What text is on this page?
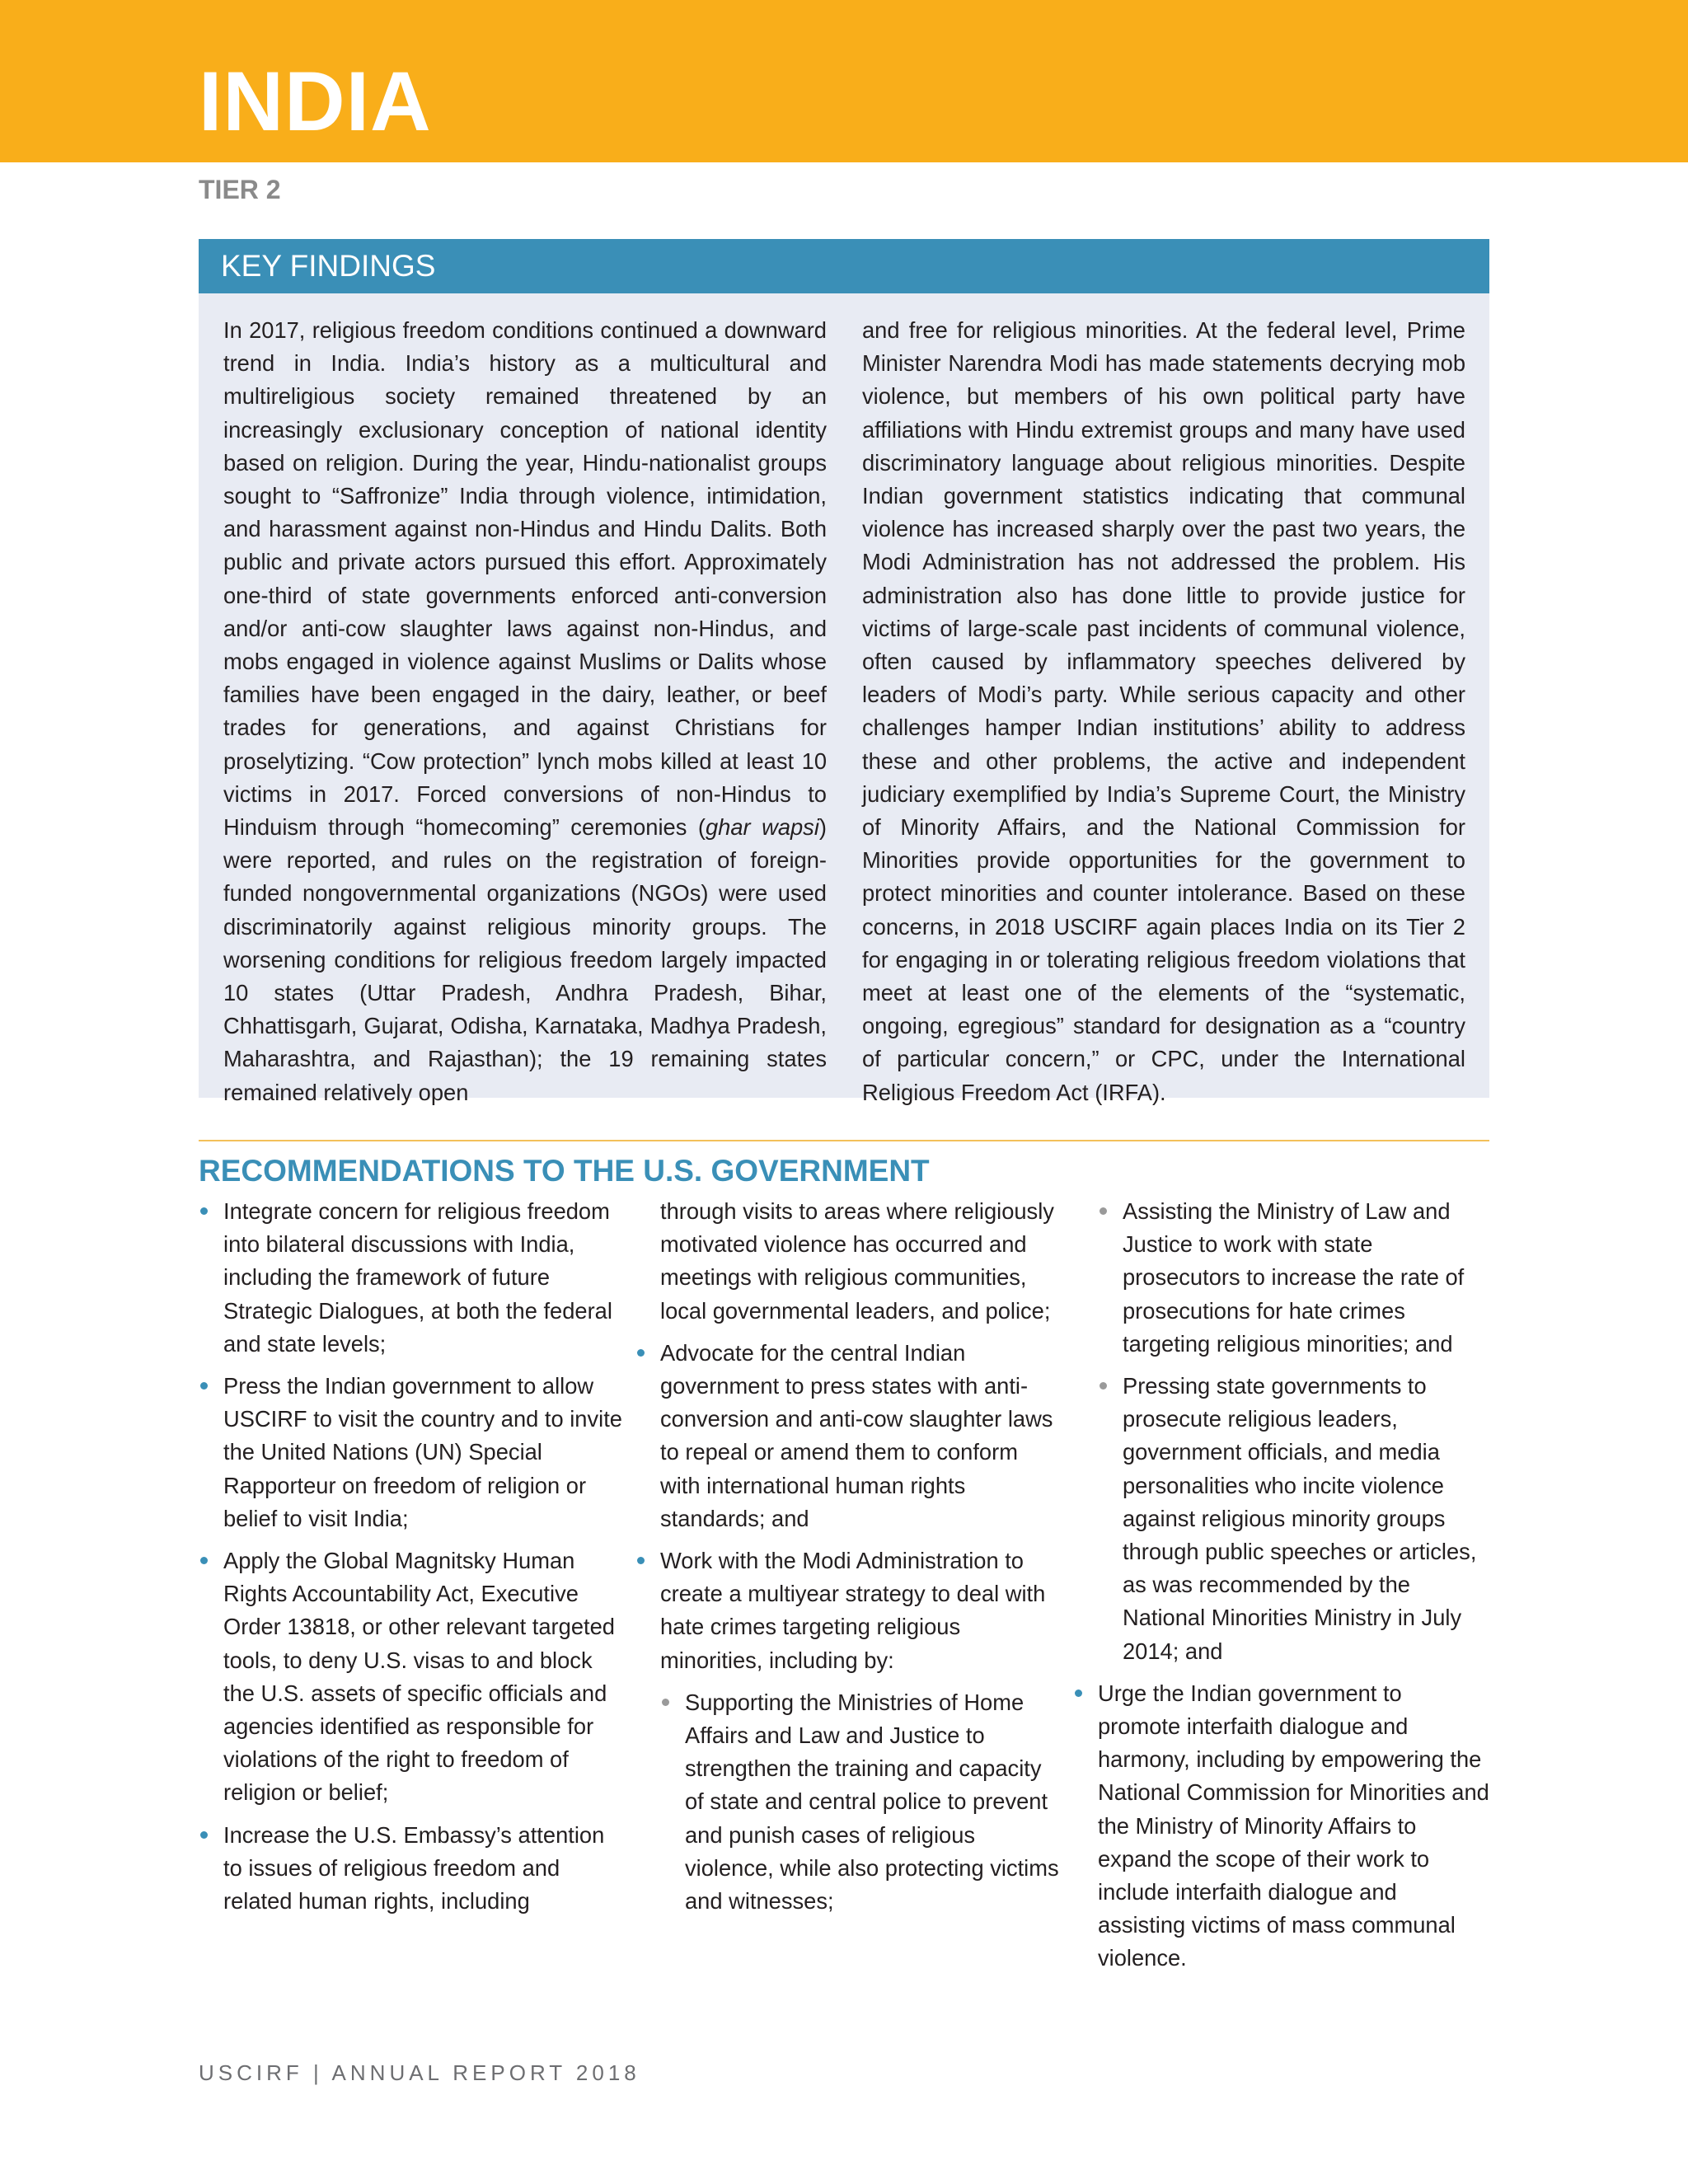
INDIA
TIER 2
KEY FINDINGS

In 2017, religious freedom conditions continued a downward trend in India. India’s history as a multicultural and multireligious society remained threatened by an increasingly exclusionary conception of national identity based on religion. During the year, Hindu-nationalist groups sought to “Saffronize” India through violence, intimidation, and harassment against non-Hindus and Hindu Dalits. Both public and private actors pursued this effort. Approximately one-third of state governments enforced anti-conversion and/or anti-cow slaughter laws against non-Hindus, and mobs engaged in violence against Muslims or Dalits whose families have been engaged in the dairy, leather, or beef trades for generations, and against Christians for proselytizing. “Cow protection” lynch mobs killed at least 10 victims in 2017. Forced conversions of non-Hindus to Hinduism through “homecoming” ceremonies (ghar wapsi) were reported, and rules on the registration of foreign-funded nongovernmental organizations (NGOs) were used discriminatorily against religious minority groups. The worsening conditions for religious freedom largely impacted 10 states (Uttar Pradesh, Andhra Pradesh, Bihar, Chhattisgarh, Gujarat, Odisha, Karnataka, Madhya Pradesh, Maharashtra, and Rajasthan); the 19 remaining states remained relatively open

and free for religious minorities. At the federal level, Prime Minister Narendra Modi has made statements decrying mob violence, but members of his own political party have affiliations with Hindu extremist groups and many have used discriminatory language about religious minorities. Despite Indian government statistics indicating that communal violence has increased sharply over the past two years, the Modi Administration has not addressed the problem. His administration also has done little to provide justice for victims of large-scale past incidents of communal violence, often caused by inflammatory speeches delivered by leaders of Modi’s party. While serious capacity and other challenges hamper Indian institutions’ ability to address these and other problems, the active and independent judiciary exemplified by India’s Supreme Court, the Ministry of Minority Affairs, and the National Commission for Minorities provide opportunities for the government to protect minorities and counter intolerance. Based on these concerns, in 2018 USCIRF again places India on its Tier 2 for engaging in or tolerating religious freedom violations that meet at least one of the elements of the “systematic, ongoing, egregious” standard for designation as a “country of particular concern,” or CPC, under the International Religious Freedom Act (IRFA).

RECOMMENDATIONS TO THE U.S. GOVERNMENT
Integrate concern for religious freedom into bilateral discussions with India, including the framework of future Strategic Dialogues, at both the federal and state levels;
Press the Indian government to allow USCIRF to visit the country and to invite the United Nations (UN) Special Rapporteur on freedom of religion or belief to visit India;
Apply the Global Magnitsky Human Rights Accountability Act, Executive Order 13818, or other relevant targeted tools, to deny U.S. visas to and block the U.S. assets of specific officials and agencies identified as responsible for violations of the right to freedom of religion or belief;
Increase the U.S. Embassy’s attention to issues of religious freedom and related human rights, including
through visits to areas where religiously motivated violence has occurred and meetings with religious communities, local governmental leaders, and police;
Advocate for the central Indian government to press states with anti-conversion and anti-cow slaughter laws to repeal or amend them to conform with international human rights standards; and
Work with the Modi Administration to create a multiyear strategy to deal with hate crimes targeting religious minorities, including by:
Supporting the Ministries of Home Affairs and Law and Justice to strengthen the training and capacity of state and central police to prevent and punish cases of religious violence, while also protecting victims and witnesses;
Assisting the Ministry of Law and Justice to work with state prosecutors to increase the rate of prosecutions for hate crimes targeting religious minorities; and
Pressing state governments to prosecute religious leaders, government officials, and media personalities who incite violence against religious minority groups through public speeches or articles, as was recommended by the National Minorities Ministry in July 2014; and
Urge the Indian government to promote interfaith dialogue and harmony, including by empowering the National Commission for Minorities and the Ministry of Minority Affairs to expand the scope of their work to include interfaith dialogue and assisting victims of mass communal violence.
USCIRF | ANNUAL REPORT 2018
